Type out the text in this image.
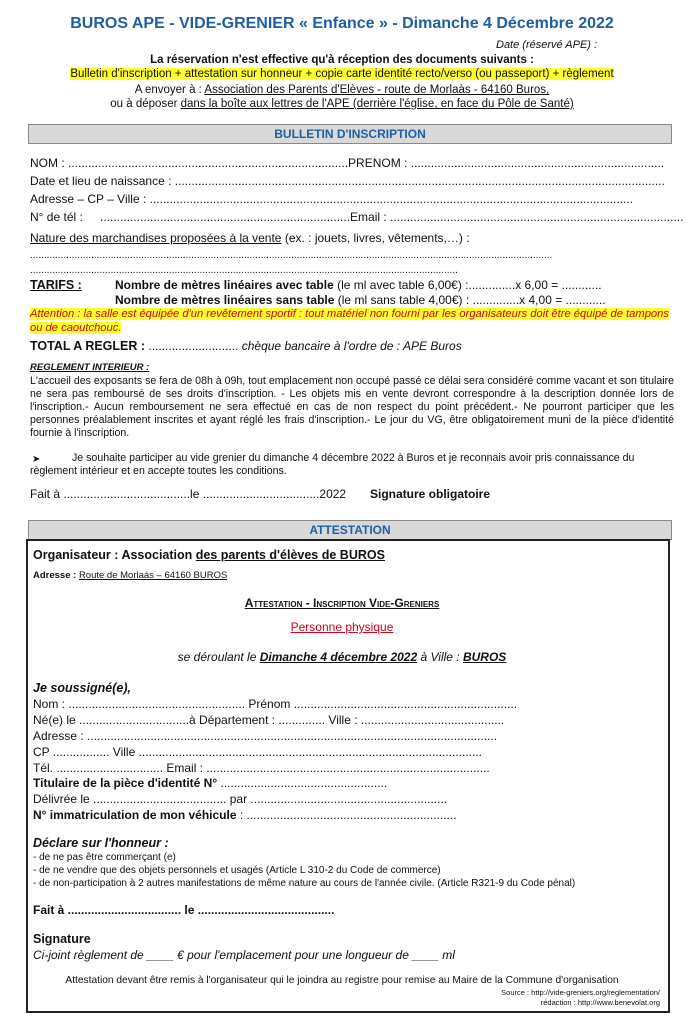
BUROS APE - VIDE-GRENIER « Enfance » - Dimanche 4 Décembre 2022
Date (réservé APE) :
La réservation n'est effective qu'à réception des documents suivants :
Bulletin d'inscription + attestation sur honneur + copie carte identité recto/verso (ou passeport) + règlement
A envoyer à : Association des Parents d'Elèves - route de Morlaàs - 64160 Buros,
ou à déposer dans la boîte aux lettres de l'APE (derrière l'église, en face du Pôle de Santé)
BULLETIN D'INSCRIPTION
NOM : ....................................................................................PRENOM : ............................................................................
Date et lieu de naissance : ...................................................................................................................................................
Adresse – CP – Ville : .................................................................................................................................................
N° de tél : ...........................................................................Email : ........................................................................................
Nature des marchandises proposées à la vente (ex. : jouets, livres, vêtements,…) :
............................................................................................................................................................................................
..........................................................................................................................................................
TARIFS :	Nombre de mètres linéaires avec table (le ml avec table 6,00€) :..............x 6,00 = ............
Nombre de mètres linéaires sans table (le ml sans table 4,00€) : ..............x 4,00 = ............
Attention : la salle est équipée d'un revêtement sportif : tout matériel non fourni par les organisateurs doit être équipé de tampons ou de caoutchouc.
TOTAL A REGLER : ........................... chèque bancaire à l'ordre de : APE Buros
REGLEMENT INTERIEUR :
L'accueil des exposants se fera de 08h à 09h, tout emplacement non occupé passé ce délai sera considéré comme vacant et son titulaire ne sera pas remboursé de ses droits d'inscription. - Les objets mis en vente devront correspondre à la description donnée lors de l'inscription.- Aucun remboursement ne sera effectué en cas de non respect du point précédent.- Ne pourront participer que les personnes préalablement inscrites et ayant réglé les frais d'inscription.- Le jour du VG, être obligatoirement muni de la pièce d'identité fournie à l'inscription.
➤	Je souhaite participer au vide grenier du dimanche 4 décembre 2022 à Buros et je reconnais avoir pris connaissance du règlement intérieur et en accepte toutes les conditions.
Fait à ......................................le ...................................2022 Signature obligatoire
ATTESTATION
Organisateur : Association des parents d'élèves de BUROS
Adresse : Route de Morlaàs – 64160 BUROS
Attestation - Inscription Vide-Greniers
Personne physique
se déroulant le Dimanche 4 décembre 2022 à Ville : BUROS
Je soussigné(e),
Nom : ..................................................... Prénom ...................................................................
Né(e) le .................................à Département : .............. Ville : ...........................................
Adresse : ...........................................................................................................................
CP ................. Ville .......................................................................................................
Tél. ................................ Email : .....................................................................................
Titulaire de la pièce d'identité N° ..................................................
Délivrée le ........................................ par ...........................................................
N° immatriculation de mon véhicule : ...............................................................
Déclare sur l'honneur :
- de ne pas être commerçant (e)
- de ne vendre que des objets personnels et usagés (Article L 310-2 du Code de commerce)
- de non-participation à 2 autres manifestations de même nature au cours de l'année civile. (Article R321-9 du Code pénal)
Fait à .................................. le .........................................
Signature
Ci-joint règlement de ____ € pour l'emplacement pour une longueur de ____ ml
Attestation devant être remis à l'organisateur qui le joindra au registre pour remise au Maire de la Commune d'organisation
Source : http://vide-greniers.org/reglementation/
rédaction : http://www.benevolat.org
